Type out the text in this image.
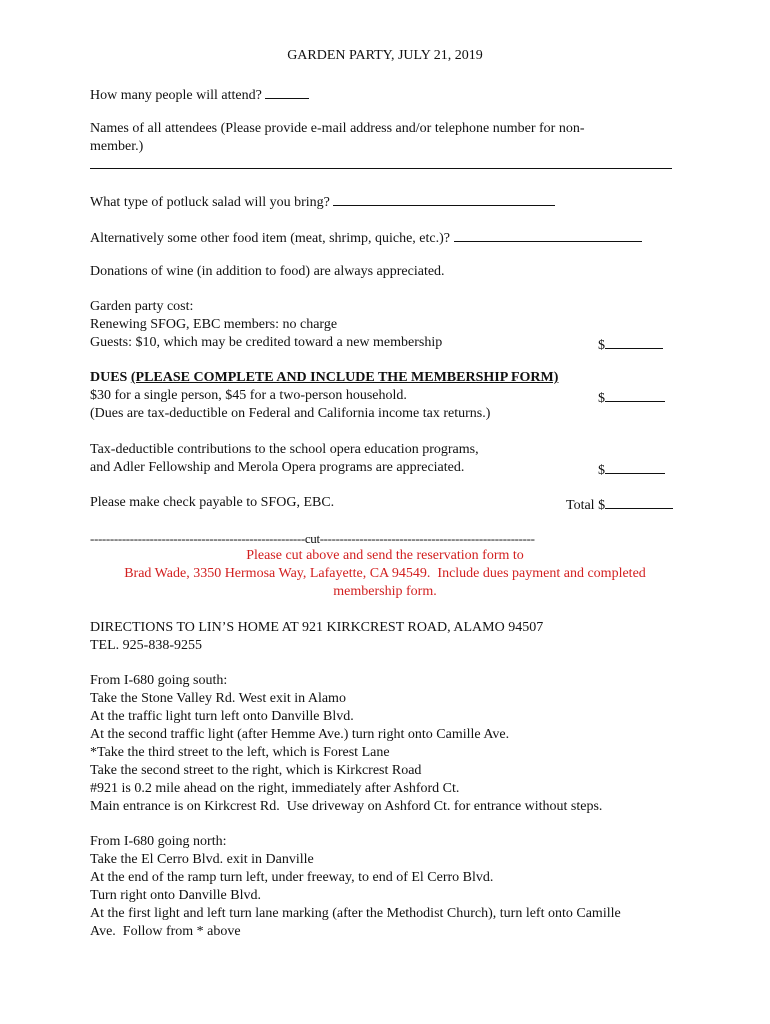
GARDEN PARTY, JULY 21, 2019
How many people will attend?
Names of all attendees (Please provide e-mail address and/or telephone number for non-
member.)
What type of potluck salad will you bring?
Alternatively some other food item (meat, shrimp, quiche, etc.)?
Donations of wine (in addition to food) are always appreciated.
Garden party cost:
Renewing SFOG, EBC members: no charge
Guests: $10, which may be credited toward a new membership	$
DUES (PLEASE COMPLETE AND INCLUDE THE MEMBERSHIP FORM)
$30 for a single person, $45 for a two-person household.	$
(Dues are tax-deductible on Federal and California income tax returns.)
Tax-deductible contributions to the school opera education programs,
and Adler Fellowship and Merola Opera programs are appreciated.	$
Please make check payable to SFOG, EBC.	Total $
------------------------------------------------------cut------------------------------------------------------
Please cut above and send the reservation form to
Brad Wade, 3350 Hermosa Way, Lafayette, CA 94549.  Include dues payment and completed
membership form.
DIRECTIONS TO LIN’S HOME AT 921 KIRKCREST ROAD, ALAMO 94507
TEL. 925-838-9255
From I-680 going south:
Take the Stone Valley Rd. West exit in Alamo
At the traffic light turn left onto Danville Blvd.
At the second traffic light (after Hemme Ave.) turn right onto Camille Ave.
*Take the third street to the left, which is Forest Lane
Take the second street to the right, which is Kirkcrest Road
#921 is 0.2 mile ahead on the right, immediately after Ashford Ct.
Main entrance is on Kirkcrest Rd.  Use driveway on Ashford Ct. for entrance without steps.
From I-680 going north:
Take the El Cerro Blvd. exit in Danville
At the end of the ramp turn left, under freeway, to end of El Cerro Blvd.
Turn right onto Danville Blvd.
At the first light and left turn lane marking (after the Methodist Church), turn left onto Camille
Ave.  Follow from * above
